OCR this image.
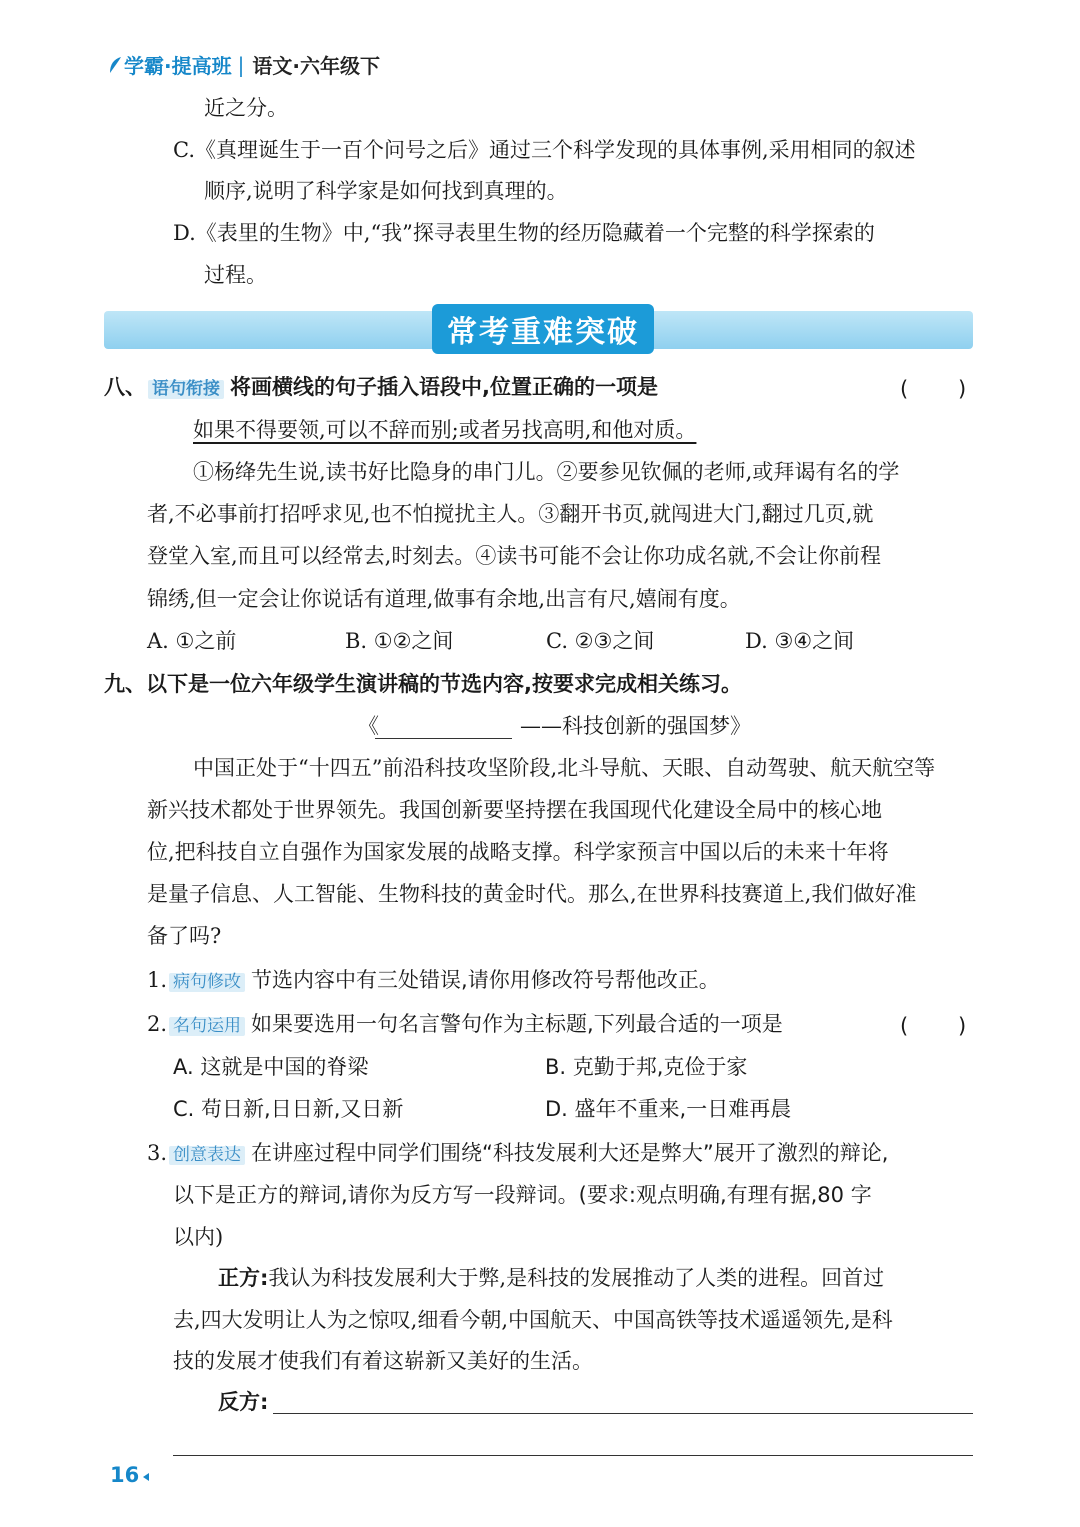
学霸·提高班 | 语文·六年级下
近之分。
C.《真理诞生于一百个问号之后》通过三个科学发现的具体事例,采用相同的叙述
顺序,说明了科学家是如何找到真理的。
D.《表里的生物》中,“我”探寻表里生物的经历隐藏着一个完整的科学探索的
过程。
常考重难突破
八、 语句衔接 将画横线的句子插入语段中,位置正确的一项是	( )
如果不得要领,可以不辞而别;或者另找高明,和他对质。
①杨绛先生说,读书好比隐身的串门儿。②要参见钦佩的老师,或拜谒有名的学
者,不必事前打招呼求见,也不怕搅扰主人。③翻开书页,就闯进大门,翻过几页,就
登堂入室,而且可以经常去,时刻去。④读书可能不会让你功成名就,不会让你前程
锦绣,但一定会让你说话有道理,做事有余地,出言有尺,嬉闹有度。
A. ①之前	B. ①②之间	C. ②③之间	D. ③④之间
九、以下是一位六年级学生演讲稿的节选内容,按要求完成相关练习。
《	——科技创新的强国梦》
中国正处于“十四五”前沿科技攻坚阶段,北斗导航、天眼、自动驾驶、航天航空等
新兴技术都处于世界领先。我国创新要坚持摆在我国现代化建设全局中的核心地
位,把科技自立自强作为国家发展的战略支撑。科学家预言中国以后的未来十年将
是量子信息、人工智能、生物科技的黄金时代。那么,在世界科技赛道上,我们做好准
备了吗?
1. 病句修改 节选内容中有三处错误,请你用修改符号帮他改正。
2. 名句运用 如果要选用一句名言警句作为主标题,下列最合适的一项是	( )
A. 这就是中国的脊梁	B. 克勤于邦,克俭于家
C. 苟日新,日日新,又日新	D. 盛年不重来,一日难再晨
3. 创意表达 在讲座过程中同学们围绕“科技发展利大还是弊大”展开了激烈的辩论,
以下是正方的辩词,请你为反方写一段辩词。(要求:观点明确,有理有据,80 字
以内)
正方:我认为科技发展利大于弊,是科技的发展推动了人类的进程。回首过
去,四大发明让人为之惊叹,细看今朝,中国航天、中国高铁等技术遥遥领先,是科
技的发展才使我们有着这崭新又美好的生活。
反方:
16
